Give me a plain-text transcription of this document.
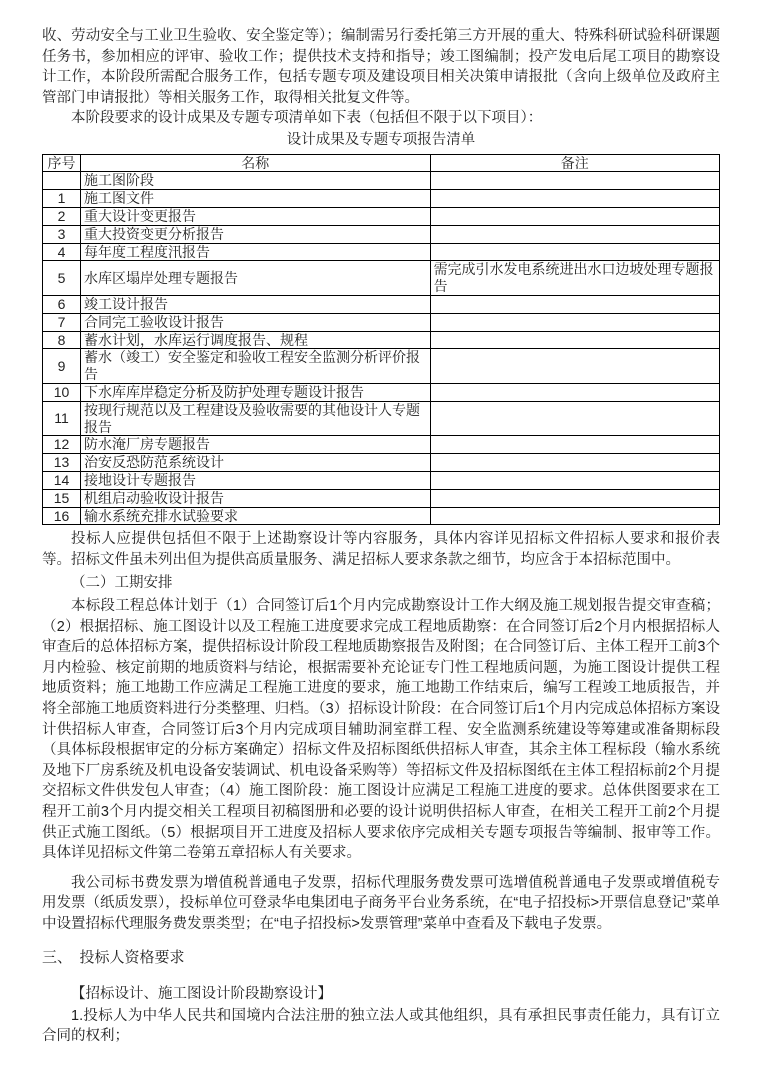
收、劳动安全与工业卫生验收、安全鉴定等）；编制需另行委托第三方开展的重大、特殊科研试验科研课题任务书，参加相应的评审、验收工作；提供技术支持和指导；竣工图编制；投产发电后尾工项目的勘察设计工作，本阶段所需配合服务工作，包括专题专项及建设项目相关决策申请报批（含向上级单位及政府主管部门申请报批）等相关服务工作，取得相关批复文件等。

本阶段要求的设计成果及专题专项清单如下表（包括但不限于以下项目）：

设计成果及专题专项报告清单

序号	名称	备注
	施工图阶段	
1	施工图文件	
2	重大设计变更报告	
3	重大投资变更分析报告	
4	每年度工程度汛报告	
5	水库区塌岸处理专题报告	需完成引水发电系统进出水口边坡处理专题报告
6	竣工设计报告	
7	合同完工验收设计报告	
8	蓄水计划，水库运行调度报告、规程	
9	蓄水（竣工）安全鉴定和验收工程安全监测分析评价报告	
10	下水库库岸稳定分析及防护处理专题设计报告	
11	按现行规范以及工程建设及验收需要的其他设计人专题报告	
12	防水淹厂房专题报告	
13	治安反恐防范系统设计	
14	接地设计专题报告	
15	机组启动验收设计报告	
16	输水系统充排水试验要求	

投标人应提供包括但不限于上述勘察设计等内容服务，具体内容详见招标文件招标人要求和报价表等。招标文件虽未列出但为提供高质量服务、满足招标人要求条款之细节，均应含于本招标范围中。

（二）工期安排

本标段工程总体计划于（1）合同签订后1个月内完成勘察设计工作大纲及施工规划报告提交审查稿；（2）根据招标、施工图设计以及工程施工进度要求完成工程地质勘察：在合同签订后2个月内根据招标人审查后的总体招标方案，提供招标设计阶段工程地质勘察报告及附图；在合同签订后、主体工程开工前3个月内检验、核定前期的地质资料与结论，根据需要补充论证专门性工程地质问题，为施工图设计提供工程地质资料；施工地勘工作应满足工程施工进度的要求，施工地勘工作结束后，编写工程竣工地质报告，并将全部施工地质资料进行分类整理、归档。（3）招标设计阶段：在合同签订后1个月内完成总体招标方案设计供招标人审查，合同签订后3个月内完成项目辅助洞室群工程、安全监测系统建设等筹建或准备期标段（具体标段根据审定的分标方案确定）招标文件及招标图纸供招标人审查，其余主体工程标段（输水系统及地下厂房系统及机电设备安装调试、机电设备采购等）等招标文件及招标图纸在主体工程招标前2个月提交招标文件供发包人审查；（4）施工图阶段：施工图设计应满足工程施工进度的要求。总体供图要求在工程开工前3个月内提交相关工程项目初稿图册和必要的设计说明供招标人审查，在相关工程开工前2个月提供正式施工图纸。（5）根据项目开工进度及招标人要求依序完成相关专题专项报告等编制、报审等工作。具体详见招标文件第二卷第五章招标人有关要求。

我公司标书费发票为增值税普通电子发票，招标代理服务费发票可选增值税普通电子发票或增值税专用发票（纸质发票），投标单位可登录华电集团电子商务平台业务系统，在“电子招投标>开票信息登记”菜单中设置招标代理服务费发票类型；在“电子招投标>发票管理”菜单中查看及下载电子发票。

三、　投标人资格要求

【招标设计、施工图设计阶段勘察设计】

1.投标人为中华人民共和国境内合法注册的独立法人或其他组织，具有承担民事责任能力，具有订立合同的权利；
